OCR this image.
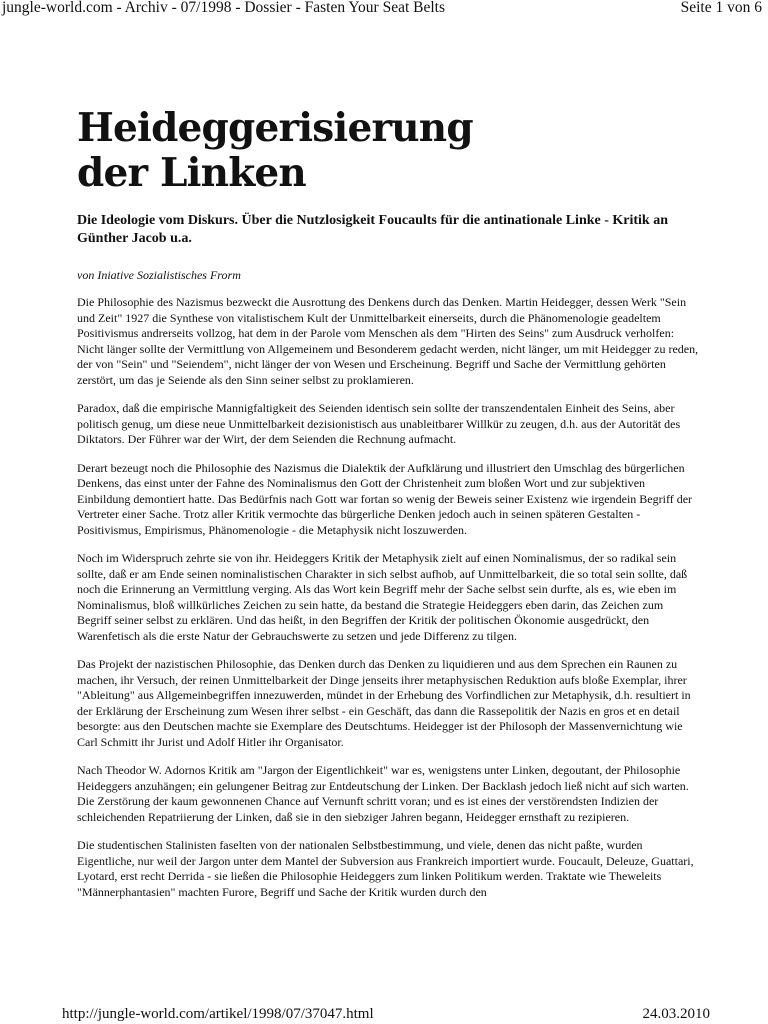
jungle-world.com - Archiv - 07/1998 - Dossier - Fasten Your Seat Belts	Seite 1 von 6
Heideggerisierung
der Linken

Die Ideologie vom Diskurs. Über die Nutzlosigkeit Foucaults für die antinationale Linke - Kritik an Günther Jacob u.a.

von Iniative Sozialistisches Frorm

Die Philosophie des Nazismus bezweckt die Ausrottung des Denkens durch das Denken. Martin Heidegger, dessen Werk "Sein und Zeit" 1927 die Synthese von vitalistischem Kult der Unmittelbarkeit einerseits, durch die Phänomenologie geadeltem Positivismus andrerseits vollzog, hat dem in der Parole vom Menschen als dem "Hirten des Seins" zum Ausdruck verholfen: Nicht länger sollte der Vermittlung von Allgemeinem und Besonderem gedacht werden, nicht länger, um mit Heidegger zu reden, der von "Sein" und "Seiendem", nicht länger der von Wesen und Erscheinung. Begriff und Sache der Vermittlung gehörten zerstört, um das je Seiende als den Sinn seiner selbst zu proklamieren.

Paradox, daß die empirische Mannigfaltigkeit des Seienden identisch sein sollte der transzendentalen Einheit des Seins, aber politisch genug, um diese neue Unmittelbarkeit dezisionistisch aus unableitbarer Willkür zu zeugen, d.h. aus der Autorität des Diktators. Der Führer war der Wirt, der dem Seienden die Rechnung aufmacht.

Derart bezeugt noch die Philosophie des Nazismus die Dialektik der Aufklärung und illustriert den Umschlag des bürgerlichen Denkens, das einst unter der Fahne des Nominalismus den Gott der Christenheit zum bloßen Wort und zur subjektiven Einbildung demontiert hatte. Das Bedürfnis nach Gott war fortan so wenig der Beweis seiner Existenz wie irgendein Begriff der Vertreter einer Sache. Trotz aller Kritik vermochte das bürgerliche Denken jedoch auch in seinen späteren Gestalten - Positivismus, Empirismus, Phänomenologie - die Metaphysik nicht loszuwerden.

Noch im Widerspruch zehrte sie von ihr. Heideggers Kritik der Metaphysik zielt auf einen Nominalismus, der so radikal sein sollte, daß er am Ende seinen nominalistischen Charakter in sich selbst aufhob, auf Unmittelbarkeit, die so total sein sollte, daß noch die Erinnerung an Vermittlung verging. Als das Wort kein Begriff mehr der Sache selbst sein durfte, als es, wie eben im Nominalismus, bloß willkürliches Zeichen zu sein hatte, da bestand die Strategie Heideggers eben darin, das Zeichen zum Begriff seiner selbst zu erklären. Und das heißt, in den Begriffen der Kritik der politischen Ökonomie ausgedrückt, den Warenfetisch als die erste Natur der Gebrauchswerte zu setzen und jede Differenz zu tilgen.

Das Projekt der nazistischen Philosophie, das Denken durch das Denken zu liquidieren und aus dem Sprechen ein Raunen zu machen, ihr Versuch, der reinen Unmittelbarkeit der Dinge jenseits ihrer metaphysischen Reduktion aufs bloße Exemplar, ihrer "Ableitung" aus Allgemeinbegriffen innezuwerden, mündet in der Erhebung des Vorfindlichen zur Metaphysik, d.h. resultiert in der Erklärung der Erscheinung zum Wesen ihrer selbst - ein Geschäft, das dann die Rassepolitik der Nazis en gros et en detail besorgte: aus den Deutschen machte sie Exemplare des Deutschtums. Heidegger ist der Philosoph der Massenvernichtung wie Carl Schmitt ihr Jurist und Adolf Hitler ihr Organisator.

Nach Theodor W. Adornos Kritik am "Jargon der Eigentlichkeit" war es, wenigstens unter Linken, degoutant, der Philosophie Heideggers anzuhängen; ein gelungener Beitrag zur Entdeutschung der Linken. Der Backlash jedoch ließ nicht auf sich warten. Die Zerstörung der kaum gewonnenen Chance auf Vernunft schritt voran; und es ist eines der verstörendsten Indizien der schleichenden Repatriierung der Linken, daß sie in den siebziger Jahren begann, Heidegger ernsthaft zu rezipieren.

Die studentischen Stalinisten faselten von der nationalen Selbstbestimmung, und viele, denen das nicht paßte, wurden Eigentliche, nur weil der Jargon unter dem Mantel der Subversion aus Frankreich importiert wurde. Foucault, Deleuze, Guattari, Lyotard, erst recht Derrida - sie ließen die Philosophie Heideggers zum linken Politikum werden. Traktate wie Theweleits "Männerphantasien" machten Furore, Begriff und Sache der Kritik wurden durch den

http://jungle-world.com/artikel/1998/07/37047.html	24.03.2010
